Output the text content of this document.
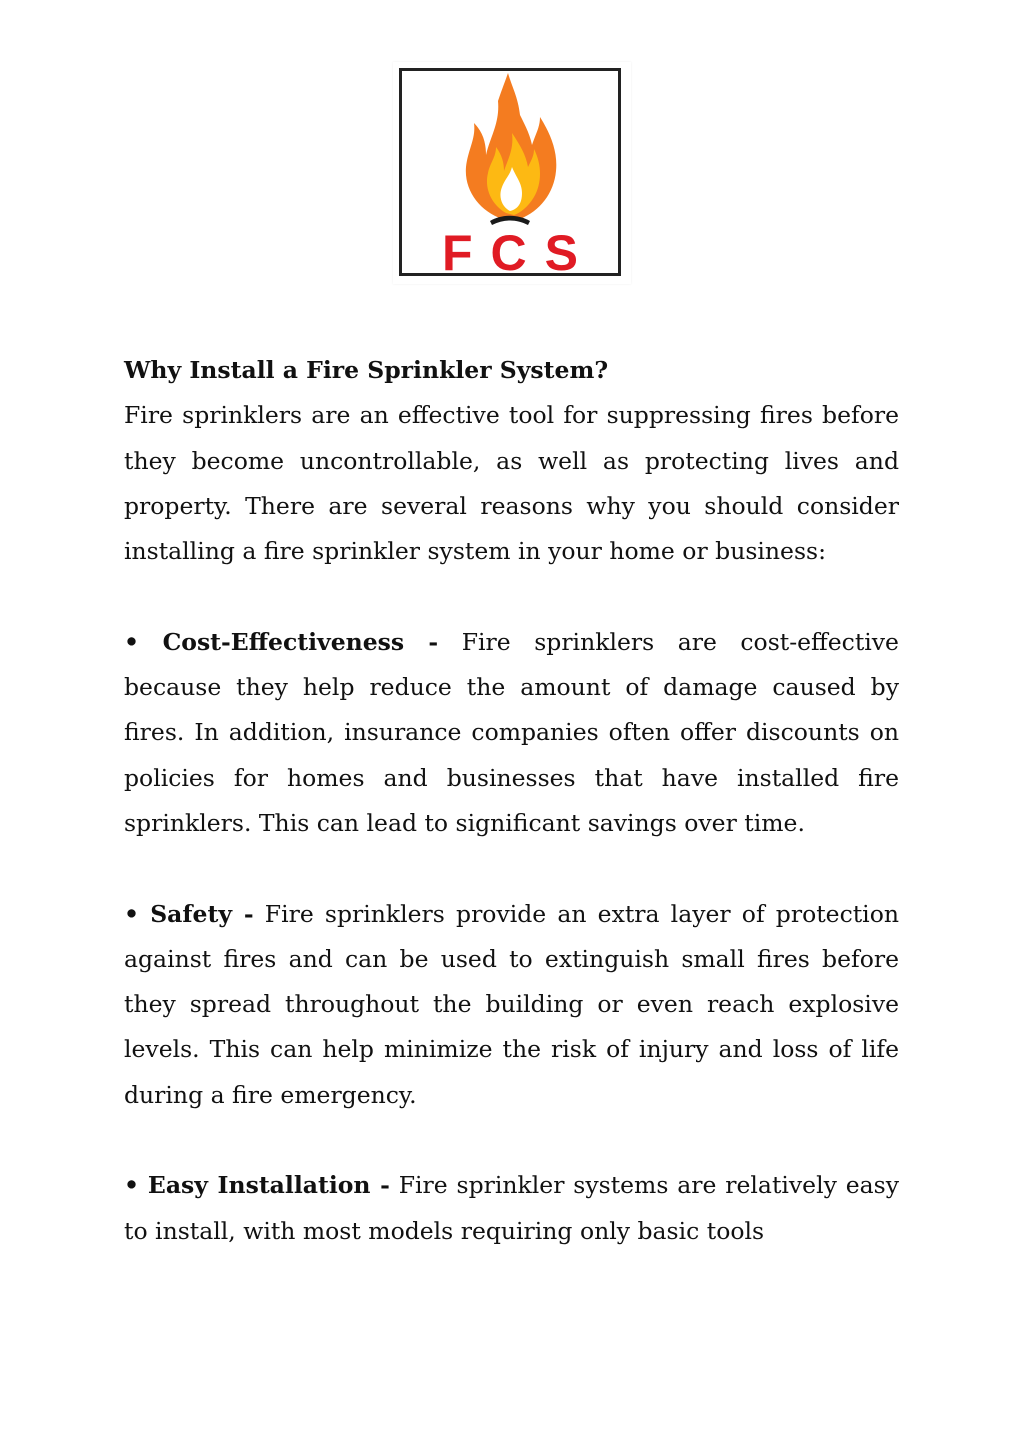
FCS
Why Install a Fire Sprinkler System?

Fire sprinklers are an effective tool for suppressing fires before they become uncontrollable, as well as protecting lives and property. There are several reasons why you should consider installing a fire sprinkler system in your home or business:

• Cost-Effectiveness - Fire sprinklers are cost-effective because they help reduce the amount of damage caused by fires. In addition, insurance companies often offer discounts on policies for homes and businesses that have installed fire sprinklers. This can lead to significant savings over time.

• Safety - Fire sprinklers provide an extra layer of protection against fires and can be used to extinguish small fires before they spread throughout the building or even reach explosive levels. This can help minimize the risk of injury and loss of life during a fire emergency.

• Easy Installation - Fire sprinkler systems are relatively easy to install, with most models requiring only basic tools
